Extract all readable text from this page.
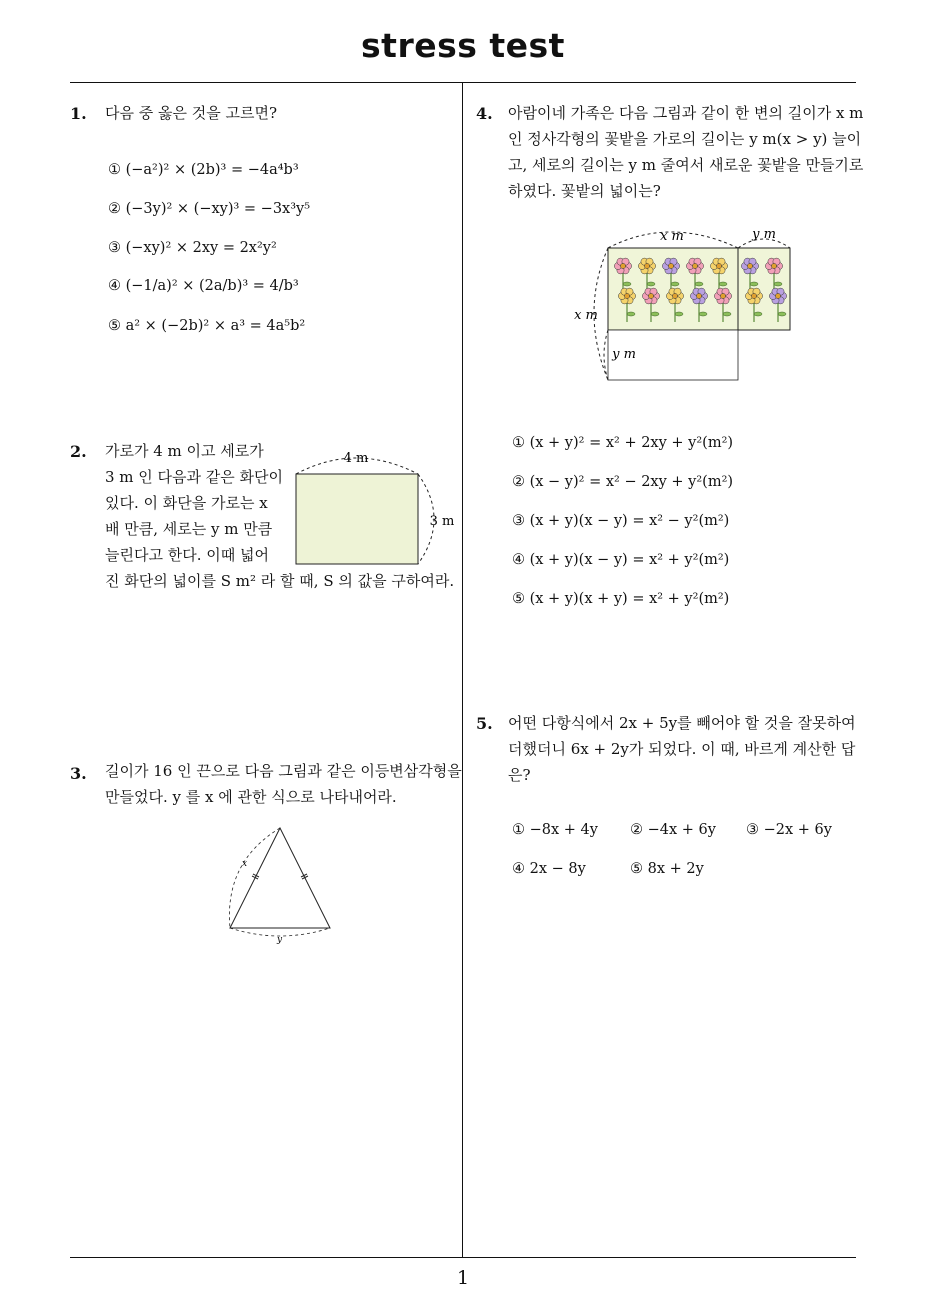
stress test
1
1. 다음 중 옳은 것을 고르면?
① (−a²)² × (2b)³ = −4a⁴b³
② (−3y)² × (−xy)³ = −3x³y⁵
③ (−xy)² × 2xy = 2x²y²
④ (−1/a)² × (2a/b)³ = 4/b³
⑤ a² × (−2b)² × a³ = 4a⁵b²
2. 가로가 4 m 이고 세로가
3 m 인 다음과 같은 화단이
있다. 이 화단을 가로는 x
배 만큼, 세로는 y m 만큼
늘린다고 한다. 이때 넓어
진 화단의 넓이를 S m² 라 할 때, S 의 값을 구하여라.
4 m
3 m
3. 길이가 16 인 끈으로 다음 그림과 같은 이등변삼각형을
만들었다. y 를 x 에 관한 식으로 나타내어라.
x
y
4. 아람이네 가족은 다음 그림과 같이 한 변의 길이가 x m
인 정사각형의 꽃밭을 가로의 길이는 y m(x > y) 늘이
고, 세로의 길이는 y m 줄여서 새로운 꽃밭을 만들기로
하였다. 꽃밭의 넓이는?
x m	y m
x m
y m
① (x + y)² = x² + 2xy + y²(m²)
② (x − y)² = x² − 2xy + y²(m²)
③ (x + y)(x − y) = x² − y²(m²)
④ (x + y)(x − y) = x² + y²(m²)
⑤ (x + y)(x + y) = x² + y²(m²)
5. 어떤 다항식에서 2x + 5y를 빼어야 할 것을 잘못하여
더했더니 6x + 2y가 되었다. 이 때, 바르게 계산한 답
은?
① −8x + 4y ② −4x + 6y ③ −2x + 6y
④ 2x − 8y	⑤ 8x + 2y
